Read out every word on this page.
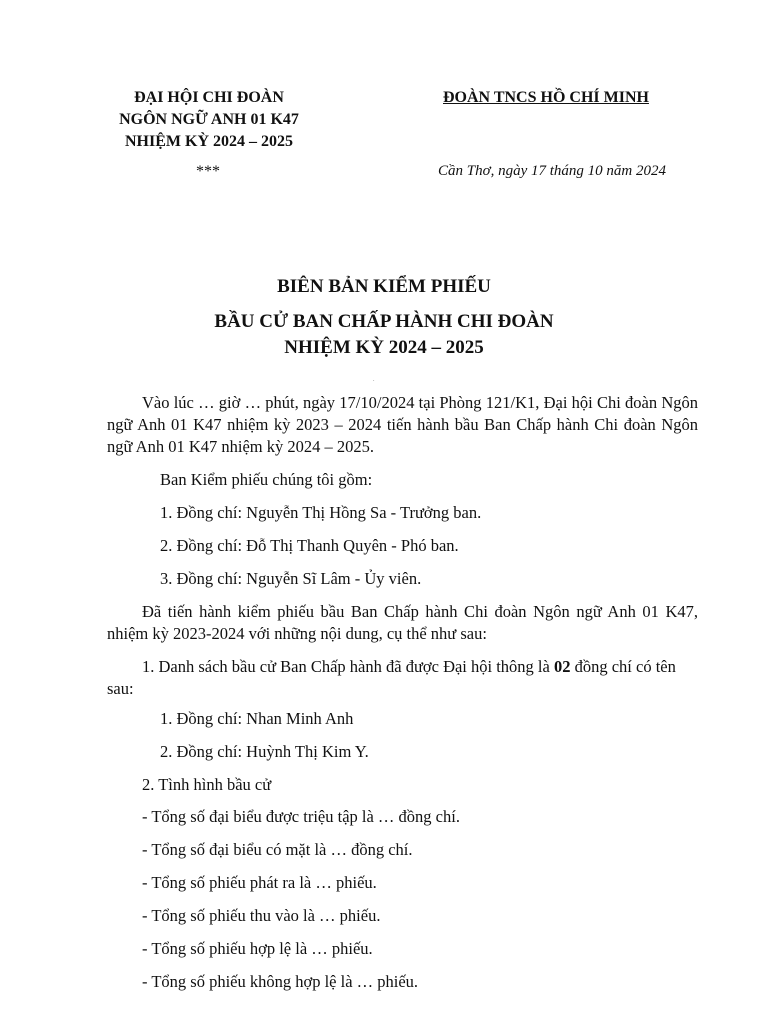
ĐẠI HỘI CHI ĐOÀN
NGÔN NGỮ ANH 01 K47
NHIỆM KỲ 2024 – 2025
ĐOÀN TNCS HỒ CHÍ MINH
***	Cần Thơ, ngày 17 tháng 10 năm 2024
BIÊN BẢN KIỂM PHIẾU
BẦU CỬ BAN CHẤP HÀNH CHI ĐOÀN
NHIỆM KỲ 2024 – 2025
.
Vào lúc … giờ … phút, ngày 17/10/2024 tại Phòng 121/K1, Đại hội Chi đoàn Ngôn ngữ Anh 01 K47 nhiệm kỳ 2023 – 2024 tiến hành bầu Ban Chấp hành Chi đoàn Ngôn ngữ Anh 01 K47 nhiệm kỳ 2024 – 2025.
Ban Kiểm phiếu chúng tôi gồm:
1. Đồng chí: Nguyễn Thị Hồng Sa - Trưởng ban.
2. Đồng chí: Đỗ Thị Thanh Quyên - Phó ban.
3. Đồng chí: Nguyễn Sĩ Lâm - Ủy viên.
Đã tiến hành kiểm phiếu bầu Ban Chấp hành Chi đoàn Ngôn ngữ Anh 01 K47, nhiệm kỳ 2023-2024 với những nội dung, cụ thể như sau:
1. Danh sách bầu cử Ban Chấp hành đã được Đại hội thông là 02 đồng chí có tên sau:
1. Đồng chí: Nhan Minh Anh
2. Đồng chí: Huỳnh Thị Kim Y.
2. Tình hình bầu cử
- Tổng số đại biểu được triệu tập là … đồng chí.
- Tổng số đại biểu có mặt là … đồng chí.
- Tổng số phiếu phát ra là … phiếu.
- Tổng số phiếu thu vào là … phiếu.
- Tổng số phiếu hợp lệ là … phiếu.
- Tổng số phiếu không hợp lệ là … phiếu.
